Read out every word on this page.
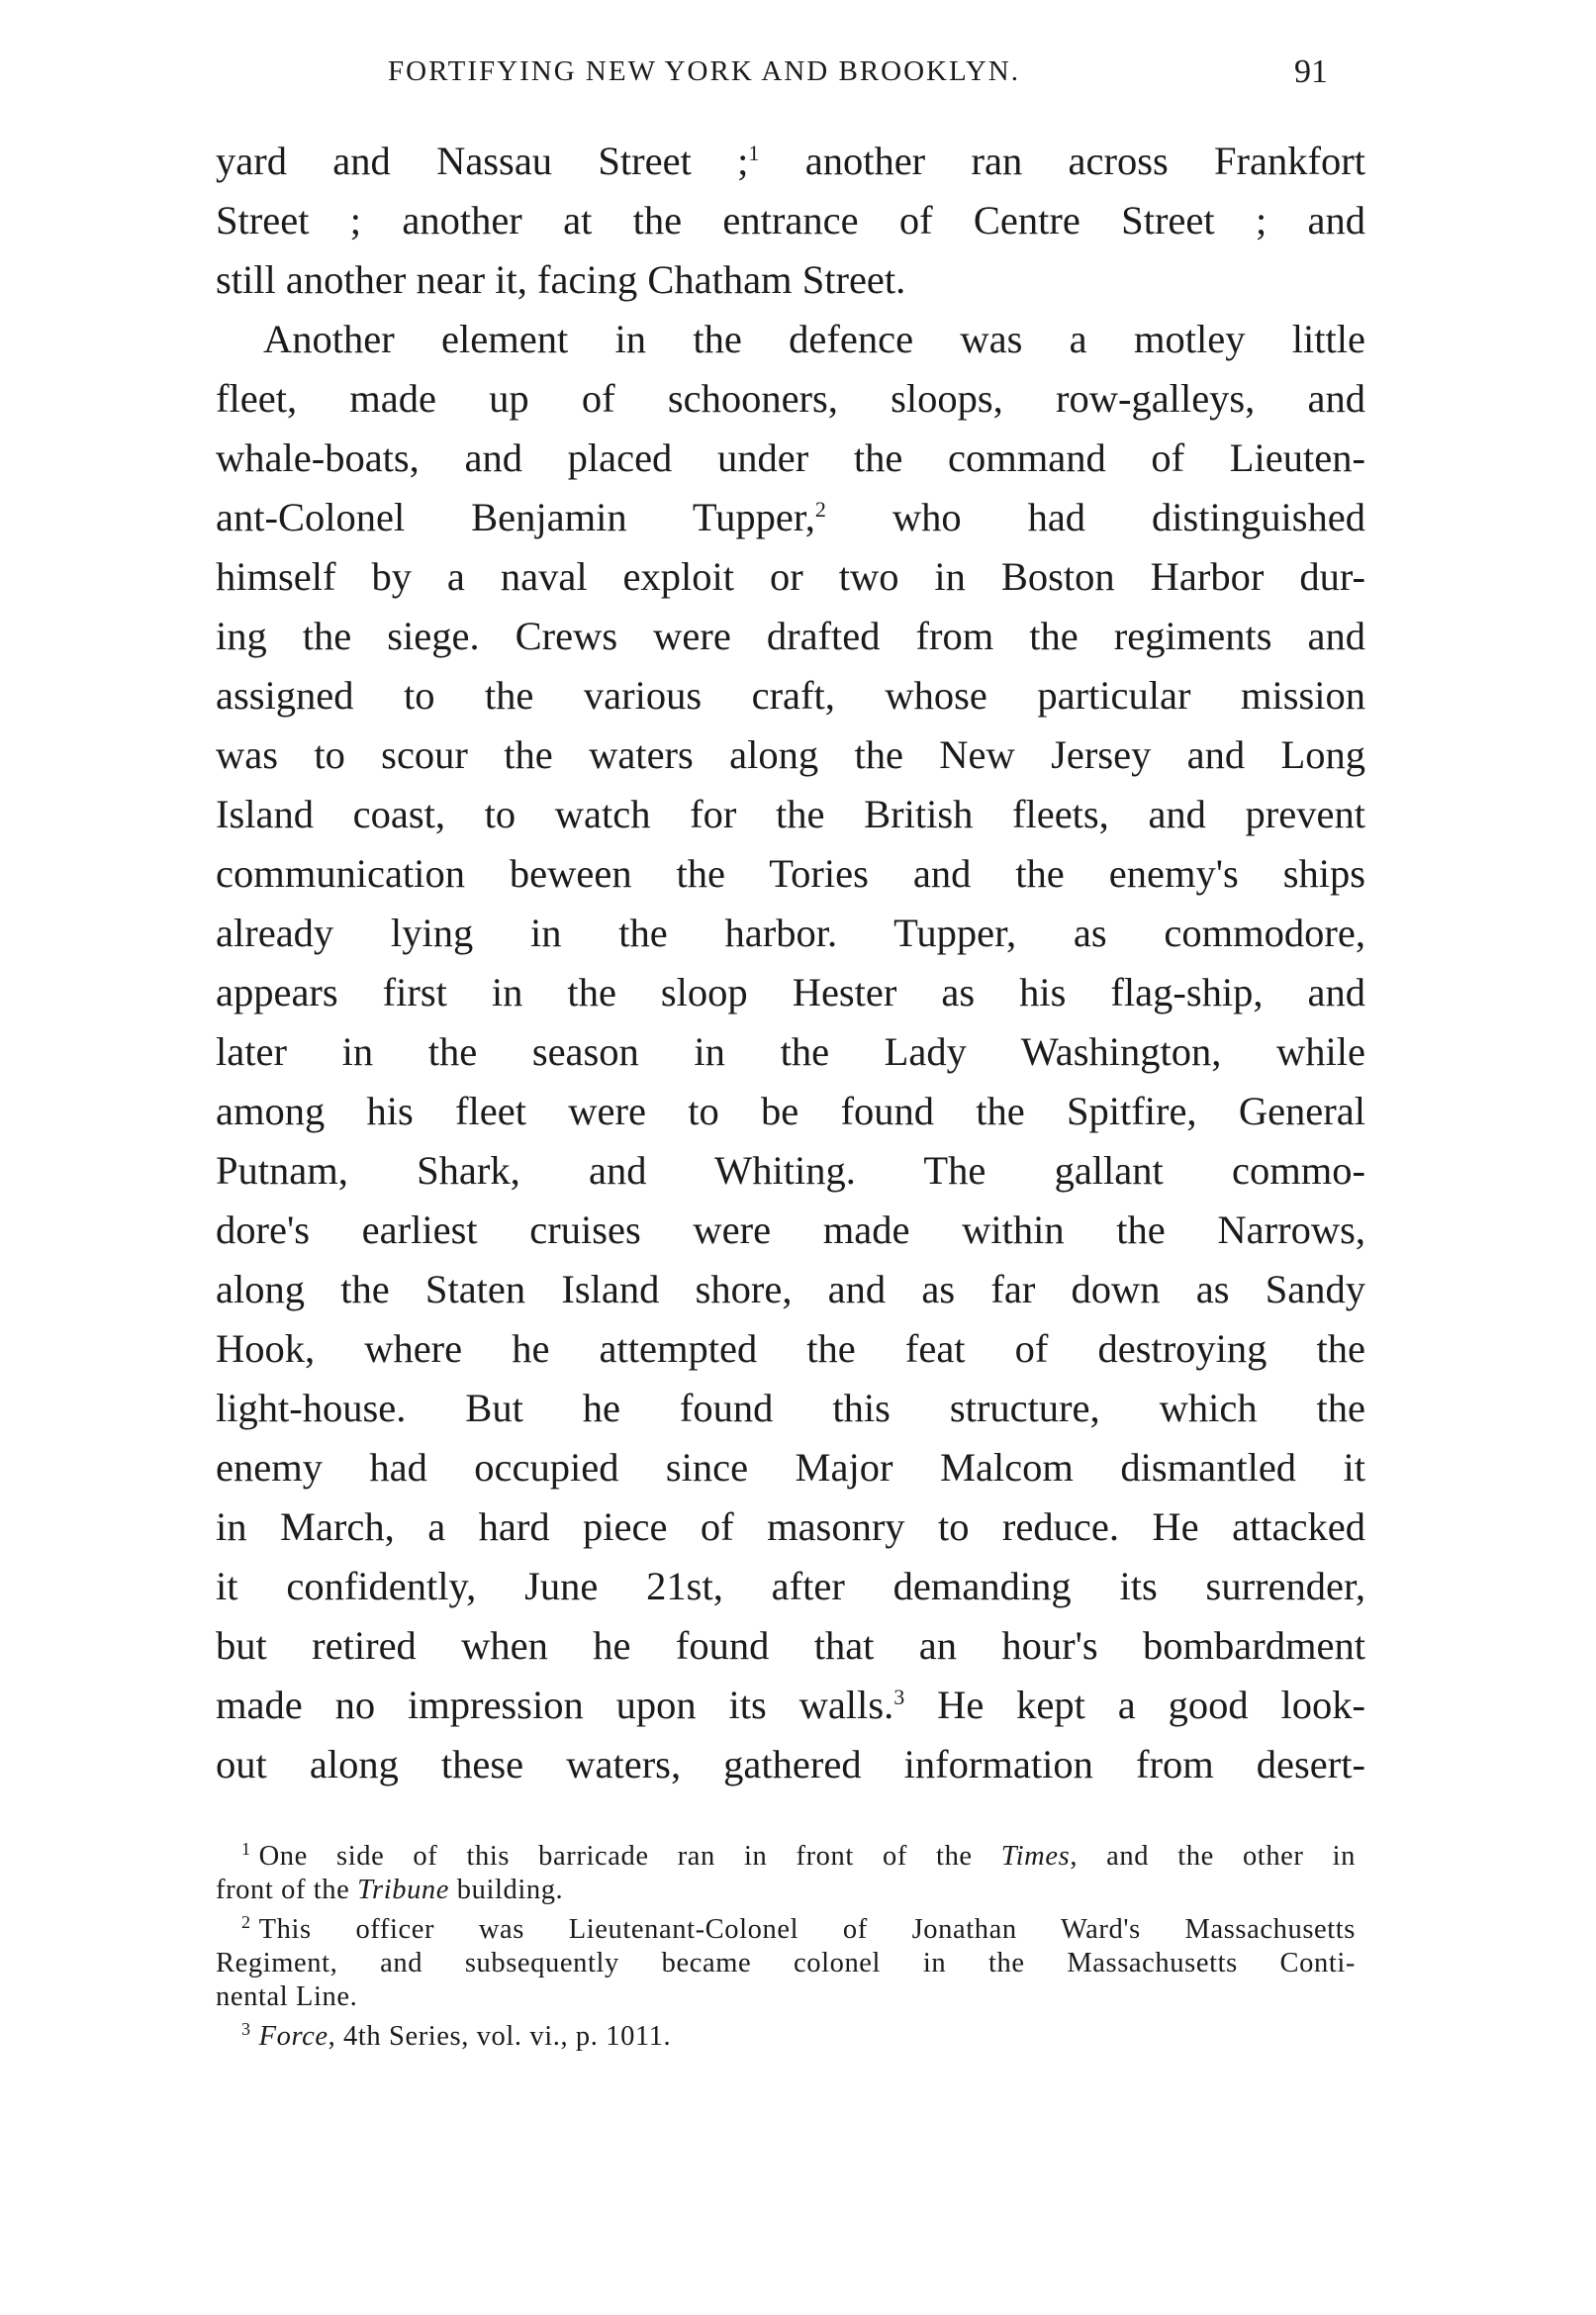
FORTIFYING NEW YORK AND BROOKLYN.	91
yard and Nassau Street ;$^1$ another ran across Frankfort
Street ; another at the entrance of Centre Street ; and
still another near it, facing Chatham Street.
Another element in the defence was a motley little
fleet, made up of schooners, sloops, row-galleys, and
whale-boats, and placed under the command of Lieuten-
ant-Colonel Benjamin Tupper,$^2$ who had distinguished
himself by a naval exploit or two in Boston Harbor dur-
ing the siege. Crews were drafted from the regiments and
assigned to the various craft, whose particular mission
was to scour the waters along the New Jersey and Long
Island coast, to watch for the British fleets, and prevent
communication beween the Tories and the enemy's ships
already lying in the harbor. Tupper, as commodore,
appears first in the sloop Hester as his flag-ship, and
later in the season in the Lady Washington, while
among his fleet were to be found the Spitfire, General
Putnam, Shark, and Whiting. The gallant commo-
dore's earliest cruises were made within the Narrows,
along the Staten Island shore, and as far down as Sandy
Hook, where he attempted the feat of destroying the
light-house. But he found this structure, which the
enemy had occupied since Major Malcom dismantled it
in March, a hard piece of masonry to reduce. He attacked
it confidently, June 21st, after demanding its surrender,
but retired when he found that an hour's bombardment
made no impression upon its walls.$^3$ He kept a good look-
out along these waters, gathered information from desert-
$^1$ One side of this barricade ran in front of the Times, and the other in
front of the Tribune building.
$^2$ This officer was Lieutenant-Colonel of Jonathan Ward's Massachusetts
Regiment, and subsequently became colonel in the Massachusetts Conti-
nental Line.
$^3$ Force, 4th Series, vol. vi., p. 1011.
